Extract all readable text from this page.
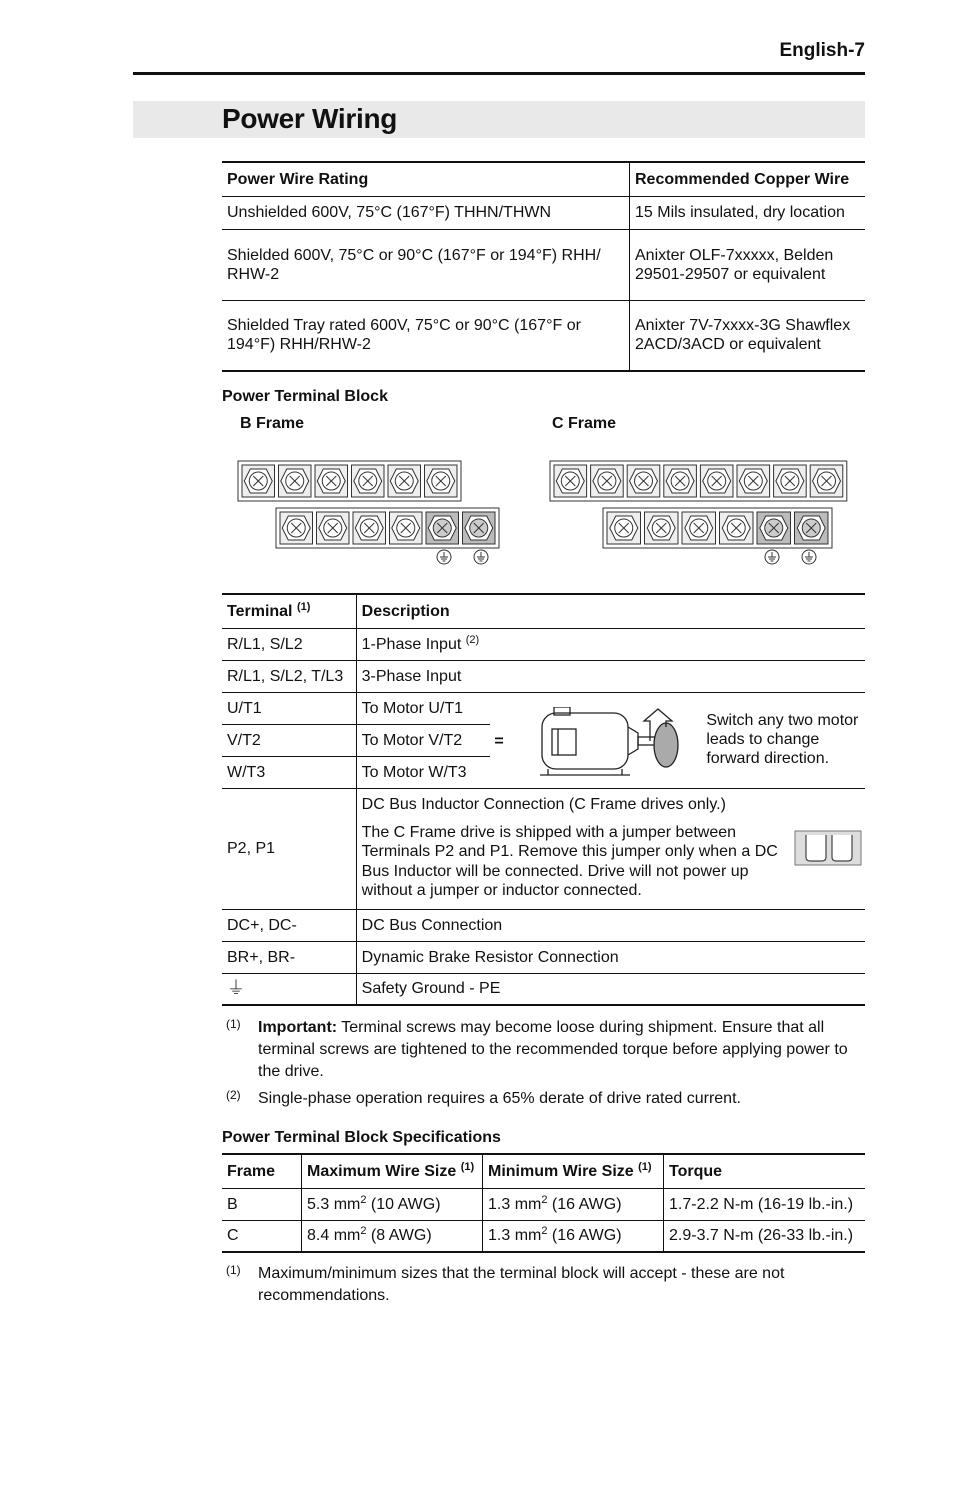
English-7
Power Wiring
Power Wire Rating	Recommended Copper Wire
Unshielded 600V, 75°C (167°F) THHN/THWN	15 Mils insulated, dry location
Shielded 600V, 75°C or 90°C (167°F or 194°F) RHH/ RHW-2	Anixter OLF-7xxxxx, Belden 29501-29507 or equivalent
Shielded Tray rated 600V, 75°C or 90°C (167°F or 194°F) RHH/RHW-2	Anixter 7V-7xxxx-3G Shawflex 2ACD/3ACD or equivalent
Power Terminal Block
B Frame	C Frame
Terminal $^{(1)}$	Description	
R/L1, S/L2	1-Phase Input $^{(2)}$
R/L1, S/L2, T/L3	3-Phase Input	
U/T1	To Motor U/T1	=
Switch any two motor leads to change forward direction.

V/T2	To Motor V/T2	
W/T3	To Motor W/T3	
P2, P1	DC Bus Inductor Connection (C Frame drives only.)
The C Frame drive is shipped with a jumper between Terminals P2 and P1. Remove this jumper only when a DC Bus Inductor will be connected. Drive will not power up without a jumper or inductor connected.	

DC+, DC-	DC Bus Connection	
BR+, BR-	Dynamic Brake Resistor Connection	
⏚	Safety Ground - PE	
(1) Important: Terminal screws may become loose during shipment. Ensure that all terminal screws are tightened to the recommended torque before applying power to the drive.
(2) Single-phase operation requires a 65% derate of drive rated current.
Power Terminal Block Specifications
Frame	Maximum Wire Size $^{(1)}$	Minimum Wire Size $^{(1)}$	Torque
B	5.3 $mm^2$ (10 AWG)	1.3 $mm^2$ (16 AWG)	1.7-2.2 N-m (16-19 lb.-in.)
C	8.4 $mm^2$ (8 AWG)	1.3 $mm^2$ (16 AWG)	2.9-3.7 N-m (26-33 lb.-in.)
(1) Maximum/minimum sizes that the terminal block will accept - these are not recommendations.
